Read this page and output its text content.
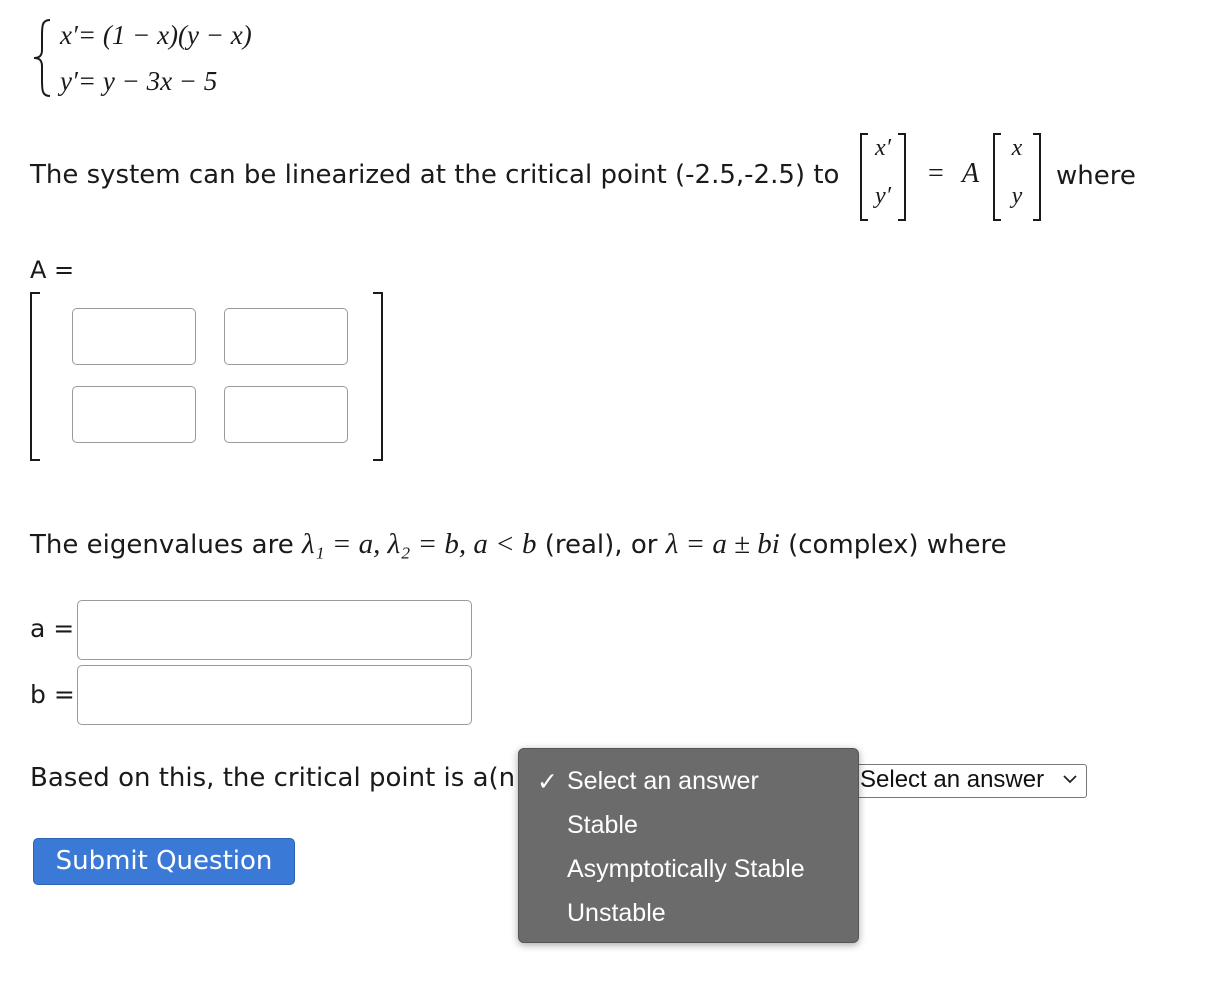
x′= (1 − x)(y − x)
y′= y − 3x − 5
The system can be linearized at the critical point (-2.5,-2.5) to
x′
y′
= A
x
y
where
A =
The eigenvalues are λ₁ = a, λ₂ = b, a < b (real), or λ = a ± bi (complex) where
a =
b =
Based on this, the critical point is a(n	Select an answer
✓ Select an answer
Stable
Asymptotically Stable
Unstable
Submit Question
